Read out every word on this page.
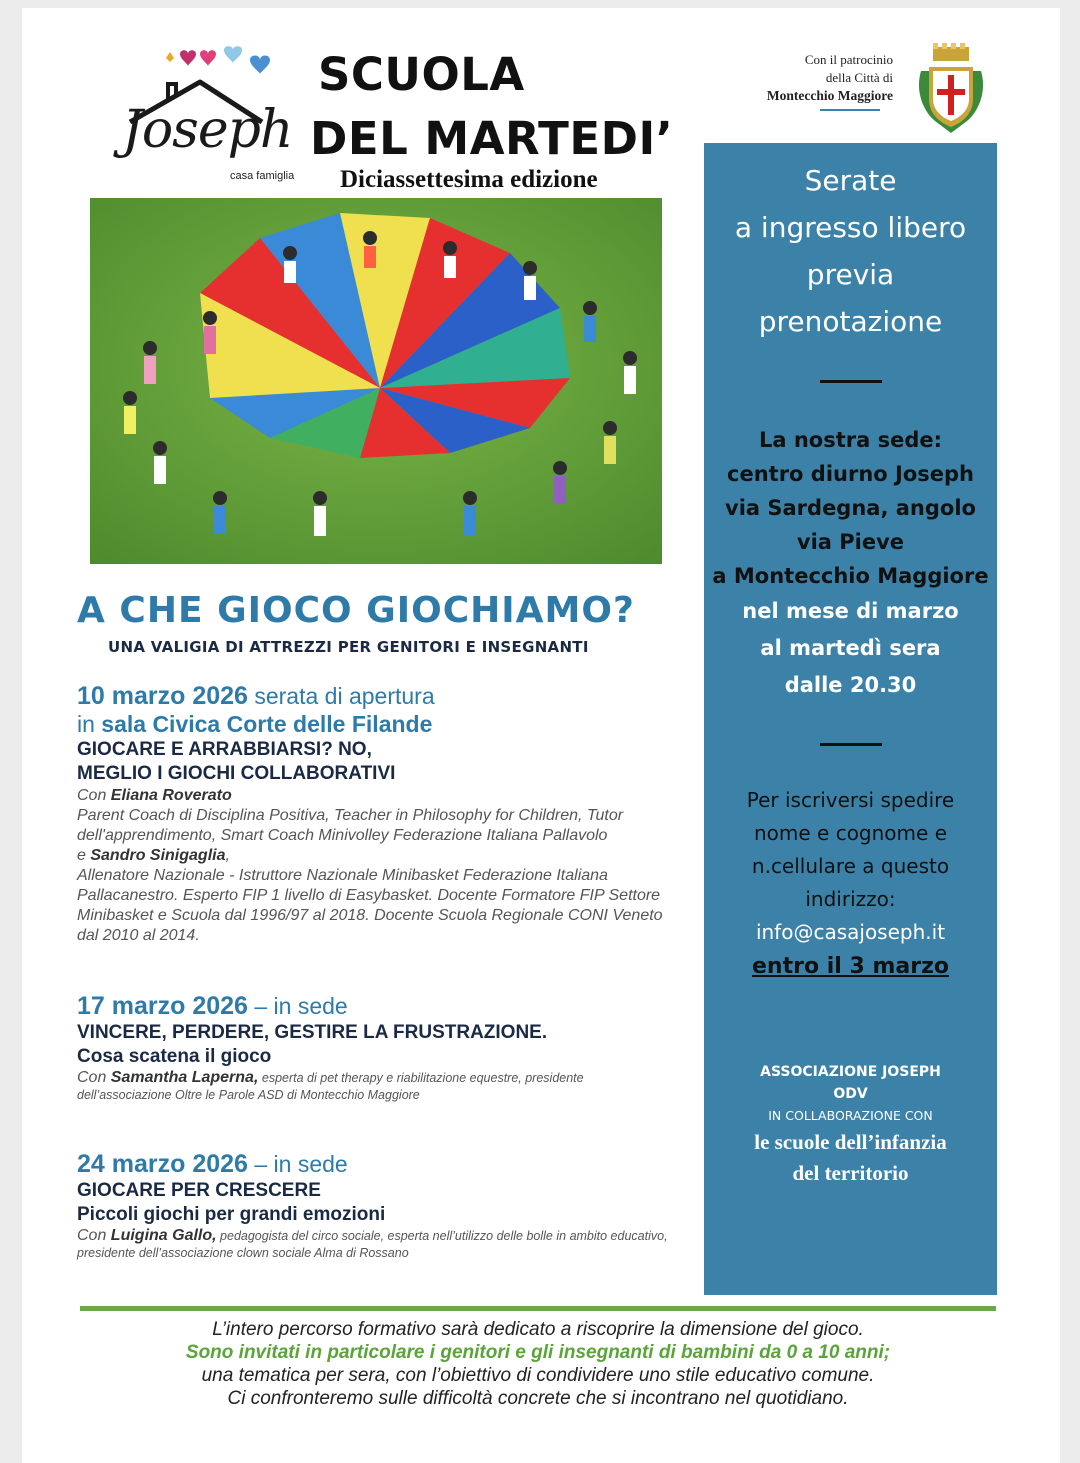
Joseph
casa famiglia
SCUOLA
DEL MARTEDI’
Diciassettesima edizione
A CHE GIOCO GIOCHIAMO?
UNA VALIGIA DI ATTREZZI PER GENITORI E INSEGNANTI
10 marzo 2026 serata di apertura
in sala Civica Corte delle Filande
GIOCARE E ARRABBIARSI? NO,
MEGLIO I GIOCHI COLLABORATIVI
Con Eliana Roverato
Parent Coach di Disciplina Positiva, Teacher in Philosophy for Children, Tutor dell'apprendimento, Smart Coach Minivolley Federazione Italiana Pallavolo
e Sandro Sinigaglia,
Allenatore Nazionale - Istruttore Nazionale Minibasket Federazione Italiana Pallacanestro. Esperto FIP 1 livello di Easybasket. Docente Formatore FIP Settore Minibasket e Scuola dal 1996/97 al 2018. Docente Scuola Regionale CONI Veneto dal 2010 al 2014.
17 marzo 2026 – in sede
VINCERE, PERDERE, GESTIRE LA FRUSTRAZIONE.
Cosa scatena il gioco
Con Samantha Laperna, esperta di pet therapy e riabilitazione equestre, presidente dell’associazione Oltre le Parole ASD di Montecchio Maggiore
24 marzo 2026 – in sede
GIOCARE PER CRESCERE
Piccoli giochi per grandi emozioni
Con Luigina Gallo, pedagogista del circo sociale, esperta nell’utilizzo delle bolle in ambito educativo, presidente dell’associazione clown sociale Alma di Rossano
Con il patrocinio
della Città di
Montecchio Maggiore
Serate
a ingresso libero
previa
prenotazione
La nostra sede:
centro diurno Joseph
via Sardegna, angolo
via Pieve
a Montecchio Maggiore
nel mese di marzo
al martedì sera
dalle 20.30
Per iscriversi spedire
nome e cognome e
n.cellulare a questo
indirizzo:
info@casajoseph.it
entro il 3 marzo
ASSOCIAZIONE JOSEPH
ODV
IN COLLABORAZIONE CON
le scuole dell’infanzia
del territorio
L’intero percorso formativo sarà dedicato a riscoprire la dimensione del gioco.
Sono invitati in particolare i genitori e gli insegnanti di bambini da 0 a 10 anni;
una tematica per sera, con l’obiettivo di condividere uno stile educativo comune.
Ci confronteremo sulle difficoltà concrete che si incontrano nel quotidiano.
